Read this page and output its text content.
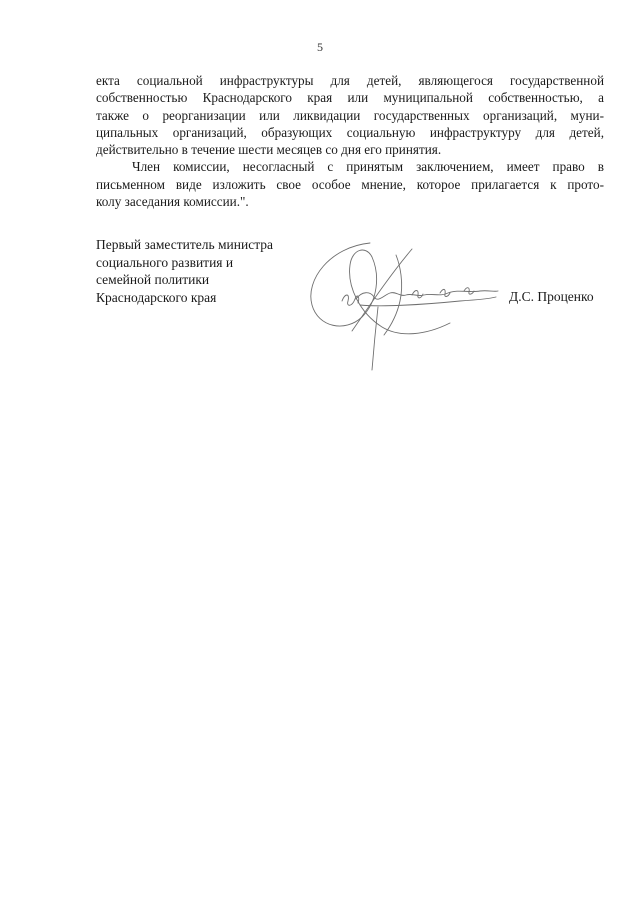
5

екта социальной инфраструктуры для детей, являющегося государственной
собственностью Краснодарского края или муниципальной собственностью, а
также о реорганизации или ликвидации государственных организаций, муни-
ципальных организаций, образующих социальную инфраструктуру для детей,
действительно в течение шести месяцев со дня его принятия.

Член комиссии, несогласный с принятым заключением, имеет право в
письменном виде изложить свое особое мнение, которое прилагается к прото-
колу заседания комиссии.".

Первый заместитель министра
социального развития и
семейной политики
Краснодарского края	Д.С. Проценко
